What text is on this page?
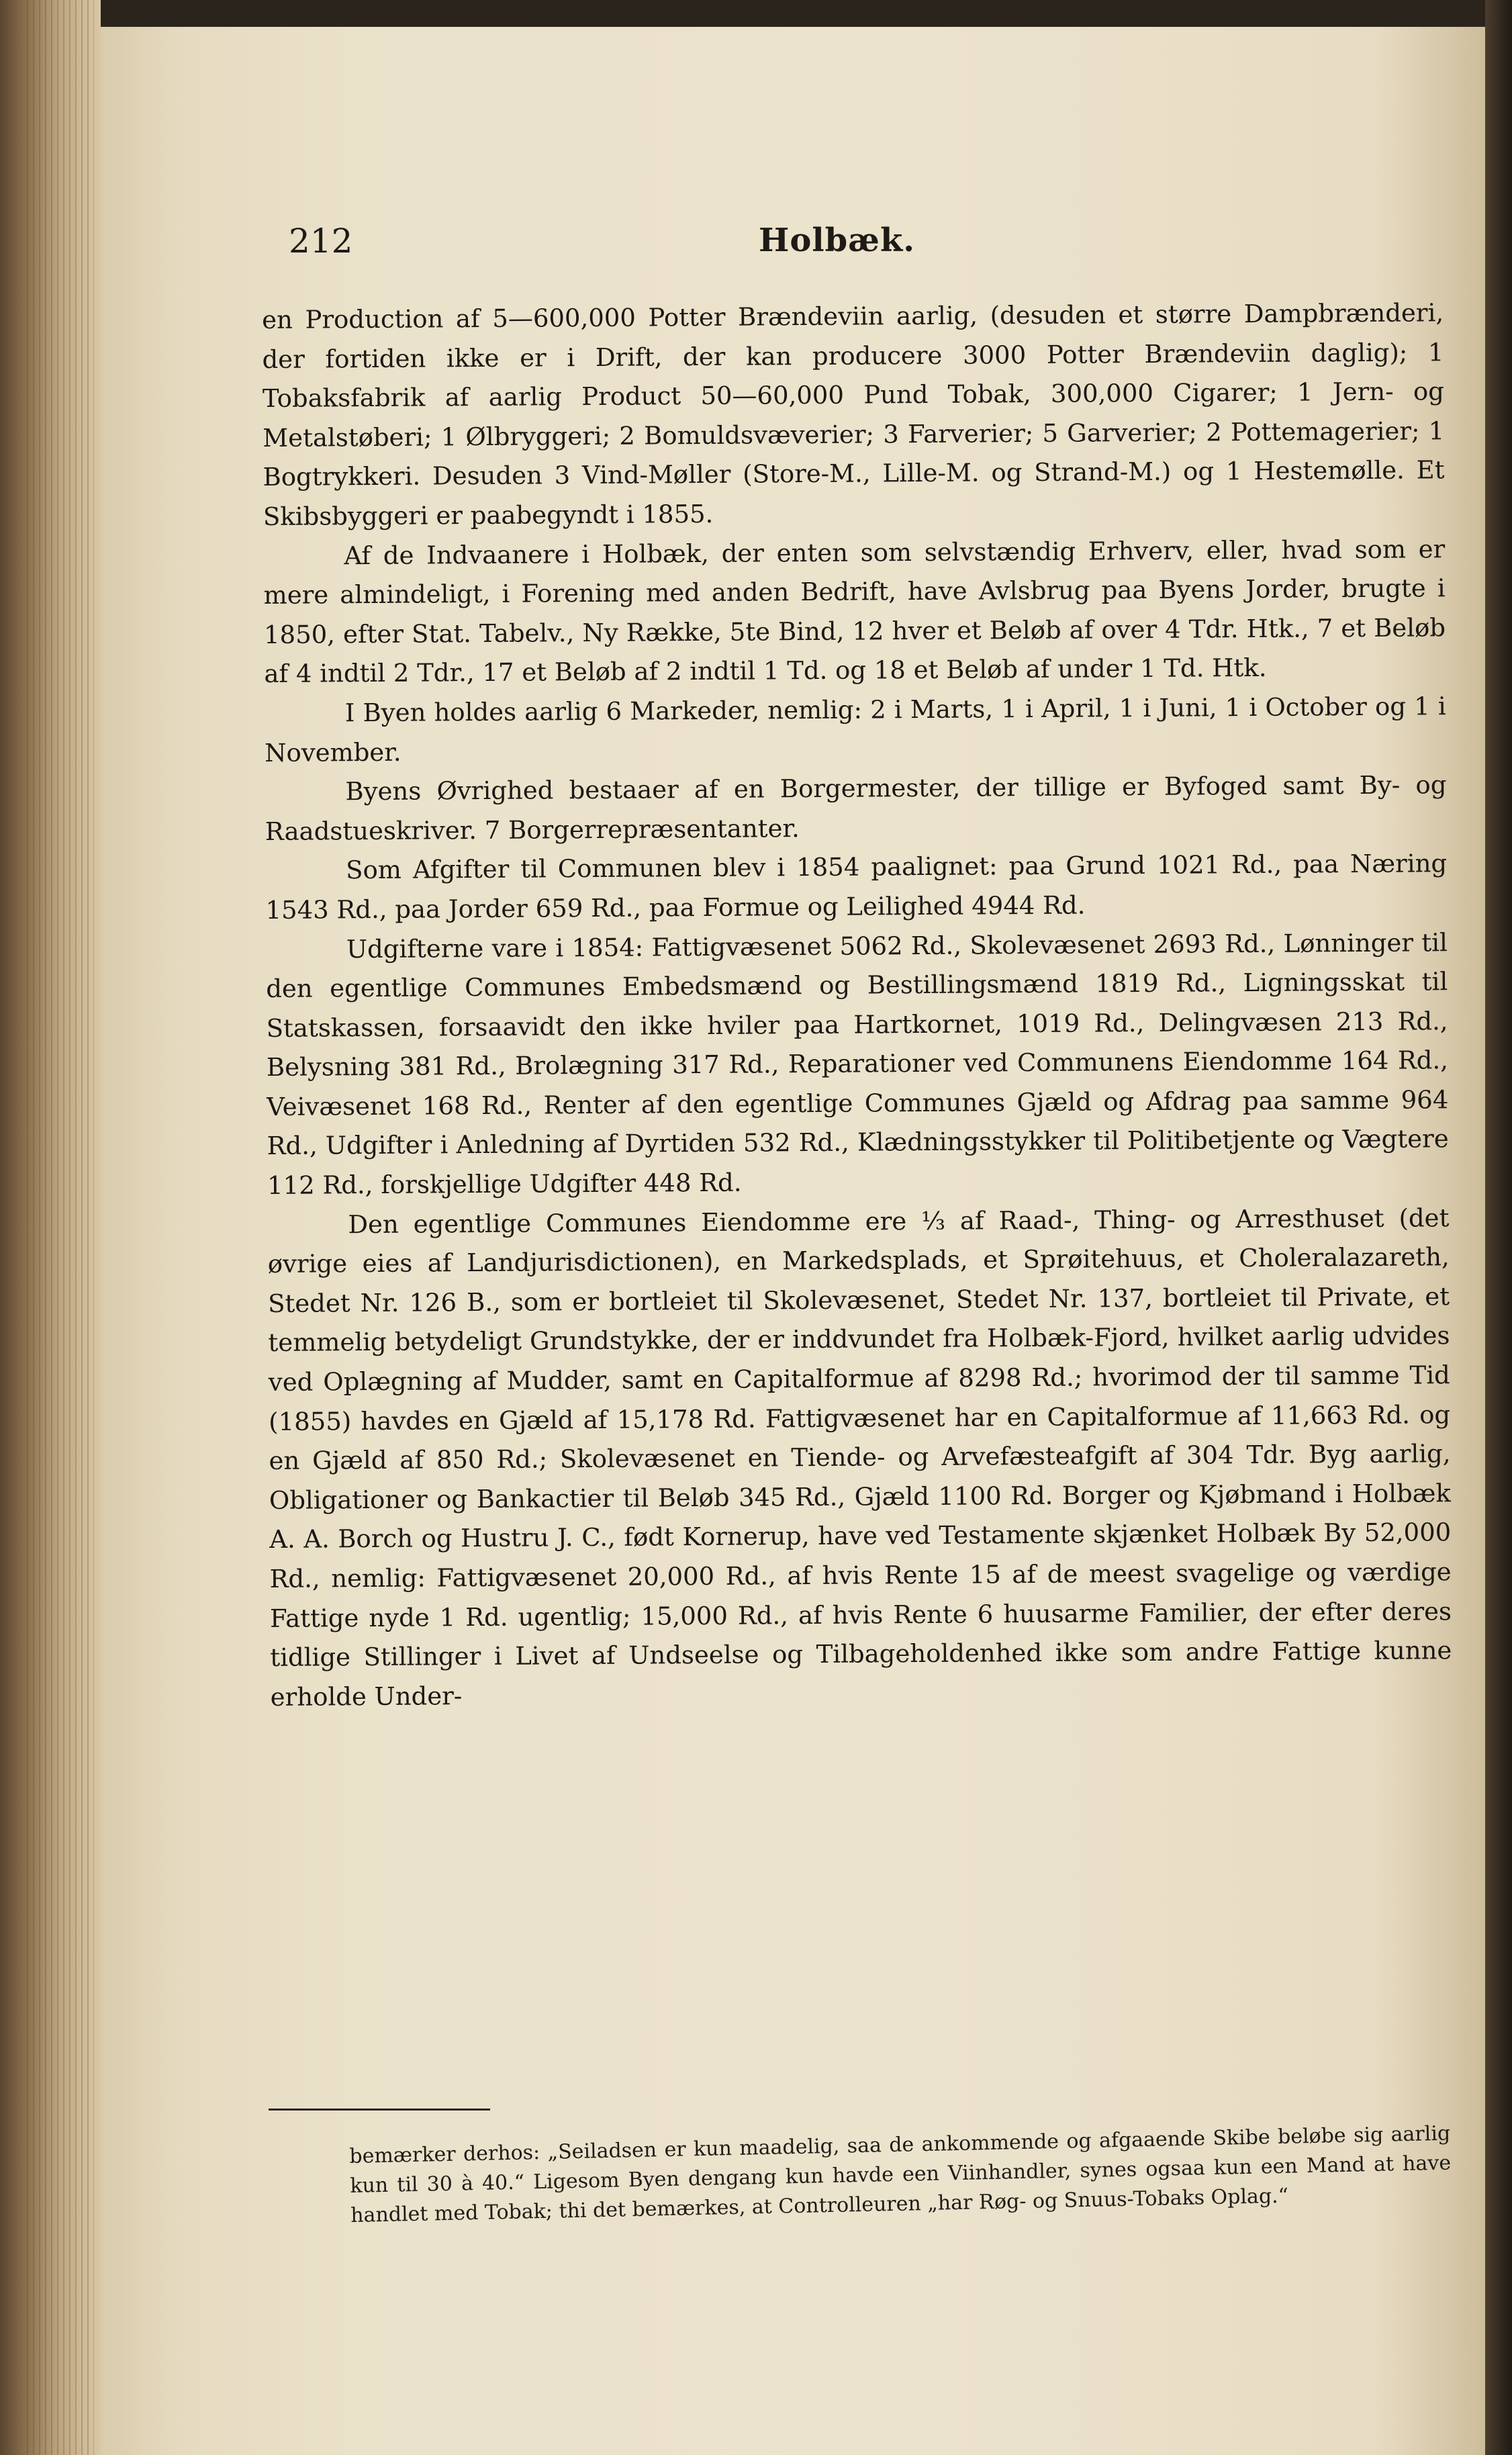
212	Holbæk.

en Production af 5—600,000 Potter Brændeviin aarlig, (desuden et større Dampbrænderi, der fortiden ikke er i Drift, der kan producere 3000 Potter Brændeviin daglig); 1 Tobaksfabrik af aarlig Product 50—60,000 Pund Tobak, 300,000 Cigarer; 1 Jern- og Metalstøberi; 1 Ølbryggeri; 2 Bomuldsvæverier; 3 Farverier; 5 Garverier; 2 Pottemagerier; 1 Bogtrykkeri. Desuden 3 Vind-Møller (Store-M., Lille-M. og Strand-M.) og 1 Hestemølle. Et Skibsbyggeri er paabegyndt i 1855.

Af de Indvaanere i Holbæk, der enten som selvstændig Erhverv, eller, hvad som er mere almindeligt, i Forening med anden Bedrift, have Avlsbrug paa Byens Jorder, brugte i 1850, efter Stat. Tabelv., Ny Række, 5te Bind, 12 hver et Beløb af over 4 Tdr. Htk., 7 et Beløb af 4 indtil 2 Tdr., 17 et Beløb af 2 indtil 1 Td. og 18 et Beløb af under 1 Td. Htk.

I Byen holdes aarlig 6 Markeder, nemlig: 2 i Marts, 1 i April, 1 i Juni, 1 i October og 1 i November.

Byens Øvrighed bestaaer af en Borgermester, der tillige er Byfoged samt By- og Raadstueskriver. 7 Borgerrepræsentanter.

Som Afgifter til Communen blev i 1854 paalignet: paa Grund 1021 Rd., paa Næring 1543 Rd., paa Jorder 659 Rd., paa Formue og Leilighed 4944 Rd.

Udgifterne vare i 1854: Fattigvæsenet 5062 Rd., Skolevæsenet 2693 Rd., Lønninger til den egentlige Communes Embedsmænd og Bestillingsmænd 1819 Rd., Ligningsskat til Statskassen, forsaavidt den ikke hviler paa Hartkornet, 1019 Rd., Delingvæsen 213 Rd., Belysning 381 Rd., Brolægning 317 Rd., Reparationer ved Communens Eiendomme 164 Rd., Veivæsenet 168 Rd., Renter af den egentlige Communes Gjæld og Afdrag paa samme 964 Rd., Udgifter i Anledning af Dyrtiden 532 Rd., Klædningsstykker til Politibetjente og Vægtere 112 Rd., forskjellige Udgifter 448 Rd.

Den egentlige Communes Eiendomme ere ⅓ af Raad-, Thing- og Arresthuset (det øvrige eies af Landjurisdictionen), en Markedsplads, et Sprøitehuus, et Choleralazareth, Stedet Nr. 126 B., som er bortleiet til Skolevæsenet, Stedet Nr. 137, bortleiet til Private, et temmelig betydeligt Grundstykke, der er inddvundet fra Holbæk-Fjord, hvilket aarlig udvides ved Oplægning af Mudder, samt en Capitalformue af 8298 Rd.; hvorimod der til samme Tid (1855) havdes en Gjæld af 15,178 Rd. Fattigvæsenet har en Capitalformue af 11,663 Rd. og en Gjæld af 850 Rd.; Skolevæsenet en Tiende- og Arvefæsteafgift af 304 Tdr. Byg aarlig, Obligationer og Bankactier til Beløb 345 Rd., Gjæld 1100 Rd. Borger og Kjøbmand i Holbæk A. A. Borch og Hustru J. C., født Kornerup, have ved Testamente skjænket Holbæk By 52,000 Rd., nemlig: Fattigvæsenet 20,000 Rd., af hvis Rente 15 af de meest svagelige og værdige Fattige nyde 1 Rd. ugentlig; 15,000 Rd., af hvis Rente 6 huusarme Familier, der efter deres tidlige Stillinger i Livet af Undseelse og Tilbageholdenhed ikke som andre Fattige kunne erholde Under-

bemærker derhos: „Seiladsen er kun maadelig, saa de ankommende og afgaaende Skibe beløbe sig aarlig kun til 30 à 40.“ Ligesom Byen dengang kun havde een Viinhandler, synes ogsaa kun een Mand at have handlet med Tobak; thi det bemærkes, at Controlleuren „har Røg- og Snuus-Tobaks Oplag.“
